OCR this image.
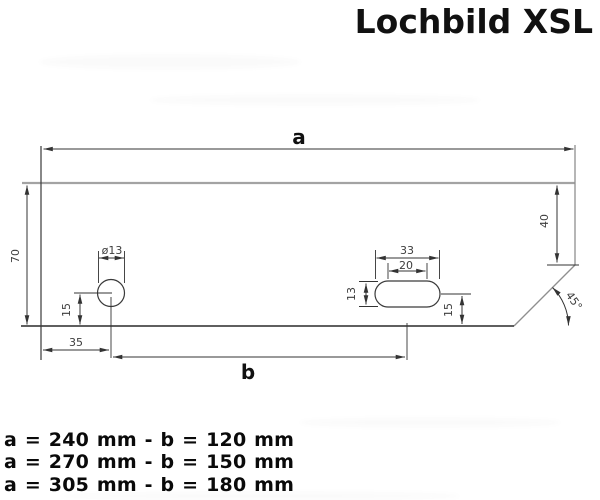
Lochbild XSL
a
70	ø13
15
35
b
33
20
13
15
40
45°
a = 240 mm - b = 120 mm
a = 270 mm - b = 150 mm
a = 305 mm - b = 180 mm
